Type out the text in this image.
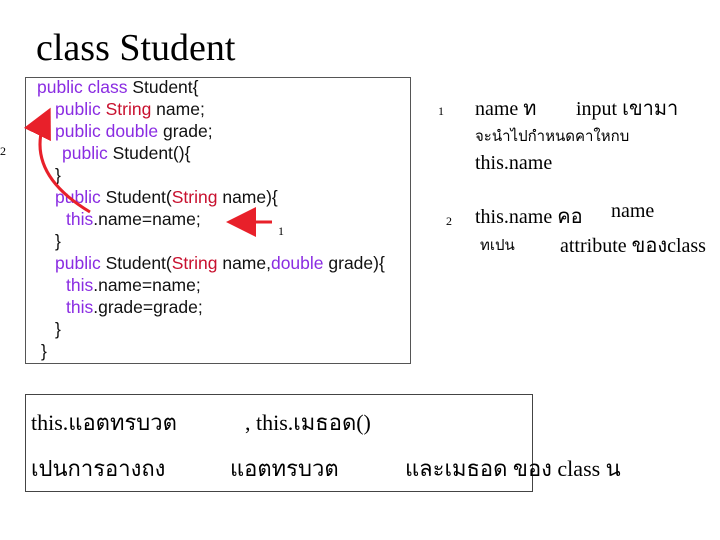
class Student
public class Student{
public String name;
public double grade;
public Student(){
}
public Student(String name){
this.name=name;
}
public Student(String name,double grade){
this.name=name;
this.grade=grade;
}
}
2
1
1 name ท input เขามา
จะนำไปกำหนดคาใหกบ
this.name
2 this.name คอ name
ทเปน attribute ของclass
this.แอตทรบวต	, this.เมธอด()
เปนการอางถง	แอตทรบวต	และเมธอด ของ class น
